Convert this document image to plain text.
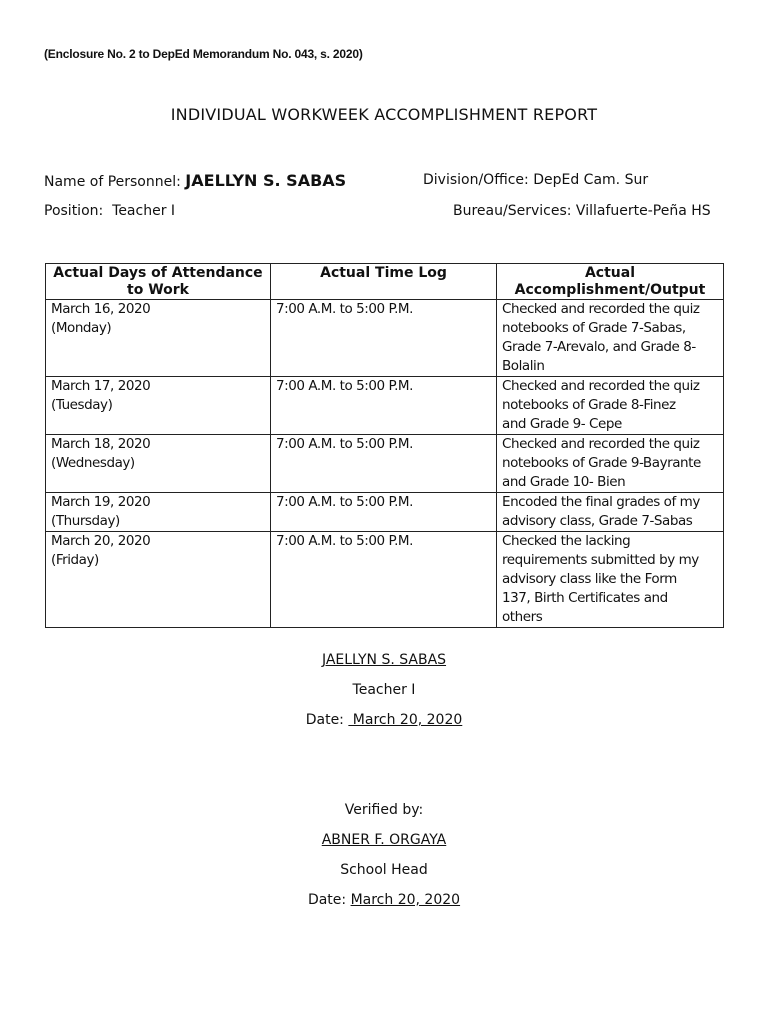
(Enclosure No. 2 to DepEd Memorandum No. 043, s. 2020)
INDIVIDUAL WORKWEEK ACCOMPLISHMENT REPORT
Name of Personnel: JAELLYN S. SABAS	Division/Office: DepEd Cam. Sur
Position: Teacher I	Bureau/Services: Villafuerte-Peña HS
Actual Days of Attendance to Work	Actual Time Log	Actual Accomplishment/Output

March 16, 2020
(Monday)	7:00 A.M. to 5:00 P.M.	Checked and recorded the quiz
notebooks of Grade 7-Sabas,
Grade 7-Arevalo, and Grade 8-
Bolalin

March 17, 2020
(Tuesday)	7:00 A.M. to 5:00 P.M.	Checked and recorded the quiz
notebooks of Grade 8-Finez
and Grade 9- Cepe

March 18, 2020
(Wednesday)	7:00 A.M. to 5:00 P.M.	Checked and recorded the quiz
notebooks of Grade 9-Bayrante
and Grade 10- Bien

March 19, 2020
(Thursday)	7:00 A.M. to 5:00 P.M.	Encoded the final grades of my
advisory class, Grade 7-Sabas

March 20, 2020
(Friday)	7:00 A.M. to 5:00 P.M.	Checked the lacking
requirements submitted by my
advisory class like the Form
137, Birth Certificates and
others
JAELLYN S. SABAS
Teacher I
Date:  March 20, 2020
Verified by:
ABNER F. ORGAYA
School Head
Date: March 20, 2020
